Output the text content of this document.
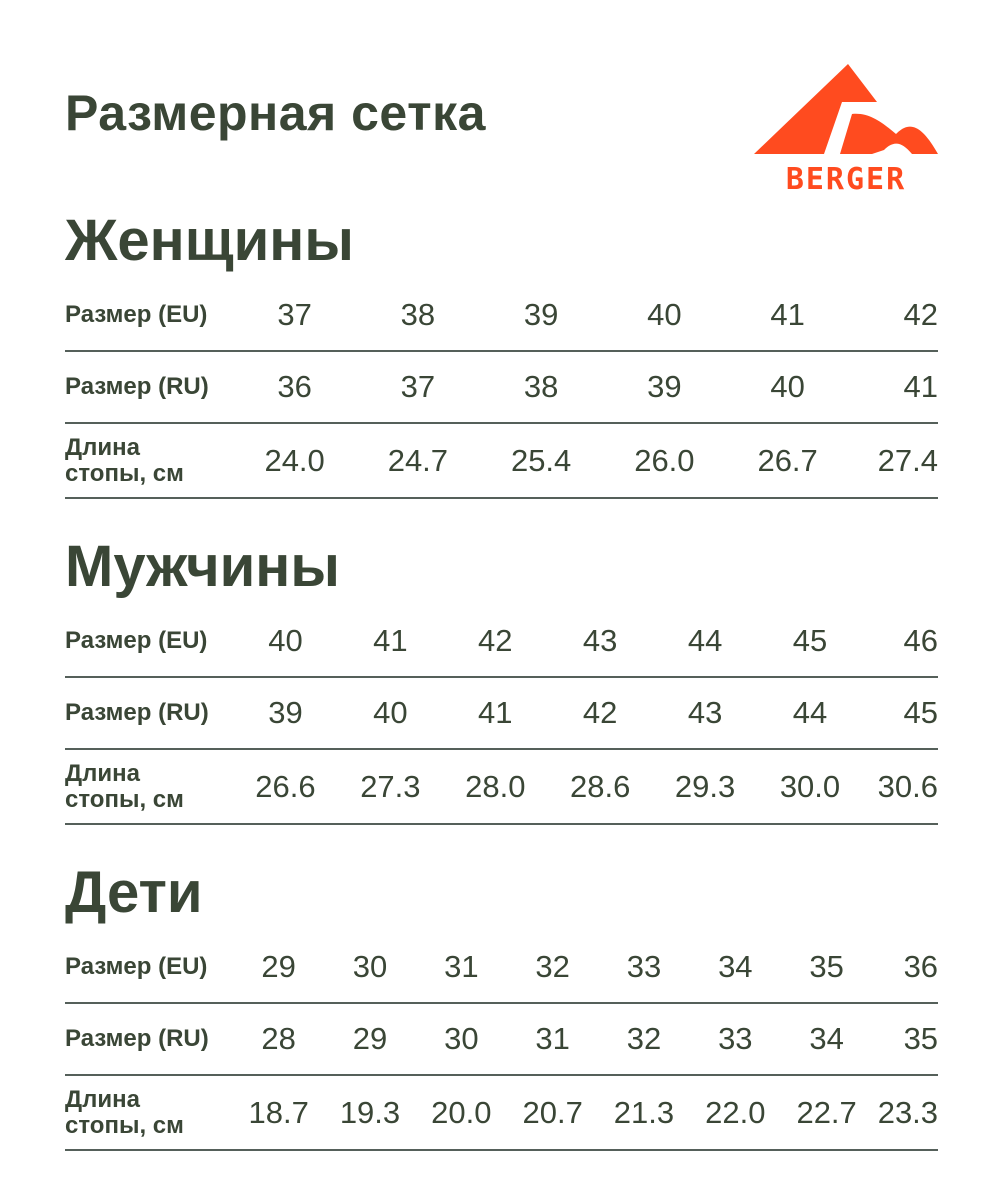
Размерная сетка
BERGER
Женщины
Размер (EU)	37	38	39	40	41	42
Размер (RU)	36	37	38	39	40	41
Длина
стопы, см	24.0	24.7	25.4	26.0	26.7	27.4
Мужчины
Размер (EU)	40	41	42	43	44	45	46
Размер (RU)	39	40	41	42	43	44	45
Длина
стопы, см	26.6	27.3	28.0	28.6	29.3	30.0	30.6
Дети
Размер (EU)	29	30	31	32	33	34	35	36
Размер (RU)	28	29	30	31	32	33	34	35
Длина
стопы, см	18.7 19.3 20.0 20.7 21.3 22.0 22.7 23.3
